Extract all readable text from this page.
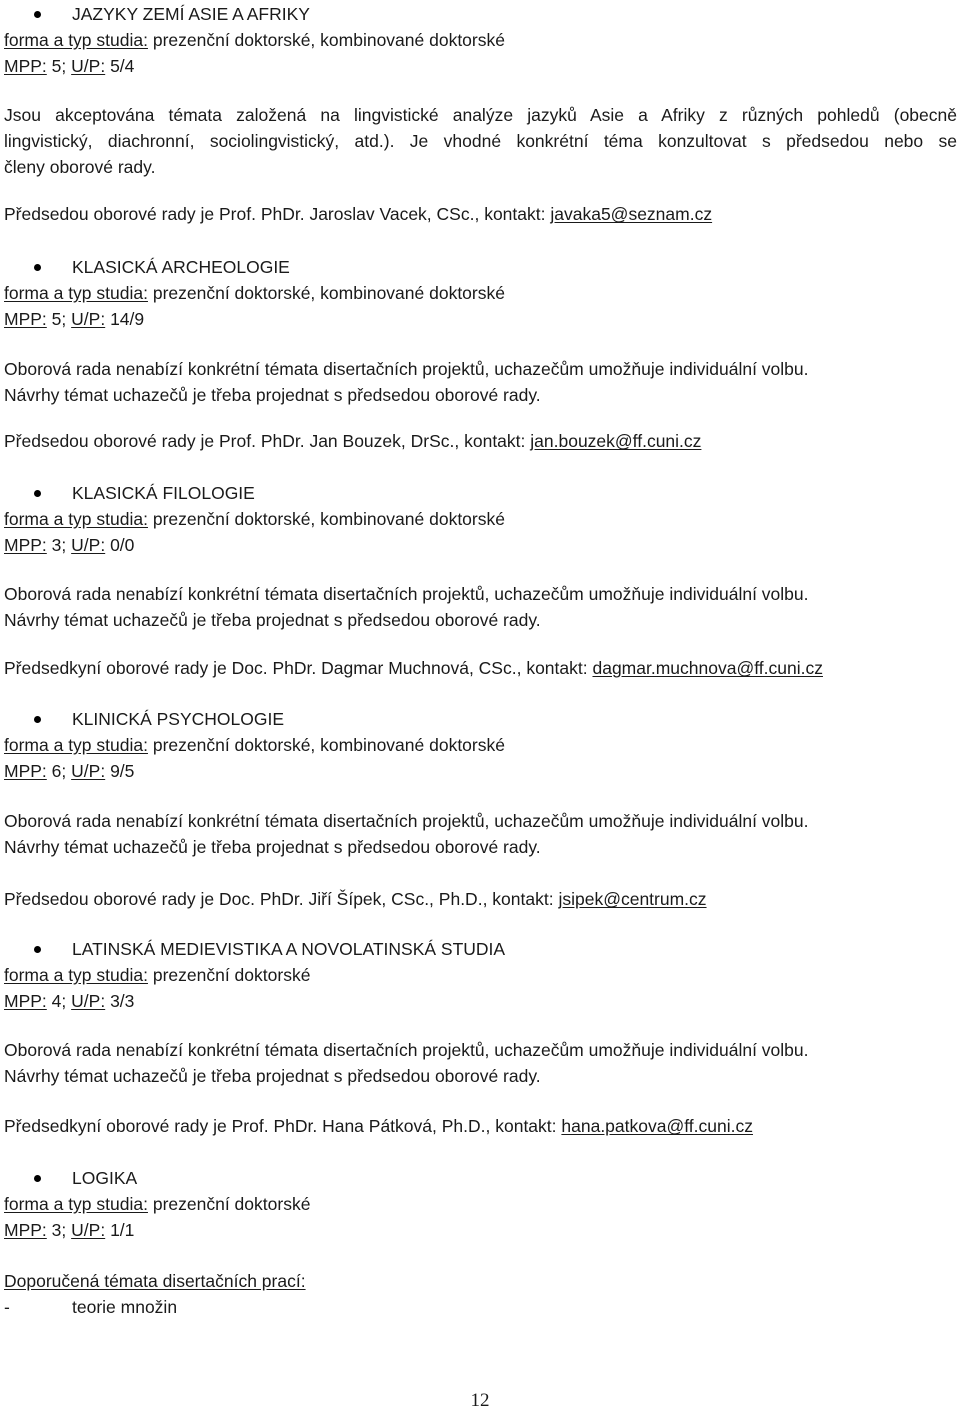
JAZYKY ZEMÍ ASIE A AFRIKY
forma a typ studia: prezenční doktorské, kombinované doktorské
MPP: 5; U/P: 5/4
Jsou akceptována témata založená na lingvistické analýze jazyků Asie a Afriky z různých pohledů (obecně
lingvistický, diachronní, sociolingvistický, atd.). Je vhodné konkrétní téma konzultovat s předsedou nebo se
členy oborové rady.
Předsedou oborové rady je Prof. PhDr. Jaroslav Vacek, CSc., kontakt: javaka5@seznam.cz
KLASICKÁ ARCHEOLOGIE
forma a typ studia: prezenční doktorské, kombinované doktorské
MPP: 5; U/P: 14/9
Oborová rada nenabízí konkrétní témata disertačních projektů, uchazečům umožňuje individuální volbu.
Návrhy témat uchazečů je třeba projednat s předsedou oborové rady.
Předsedou oborové rady je Prof. PhDr. Jan Bouzek, DrSc., kontakt: jan.bouzek@ff.cuni.cz
KLASICKÁ FILOLOGIE
forma a typ studia: prezenční doktorské, kombinované doktorské
MPP: 3; U/P: 0/0
Oborová rada nenabízí konkrétní témata disertačních projektů, uchazečům umožňuje individuální volbu.
Návrhy témat uchazečů je třeba projednat s předsedou oborové rady.
Předsedkyní oborové rady je Doc. PhDr. Dagmar Muchnová, CSc., kontakt: dagmar.muchnova@ff.cuni.cz
KLINICKÁ PSYCHOLOGIE
forma a typ studia: prezenční doktorské, kombinované doktorské
MPP: 6; U/P: 9/5
Oborová rada nenabízí konkrétní témata disertačních projektů, uchazečům umožňuje individuální volbu.
Návrhy témat uchazečů je třeba projednat s předsedou oborové rady.
Předsedou oborové rady je Doc. PhDr. Jiří Šípek, CSc., Ph.D., kontakt: jsipek@centrum.cz
LATINSKÁ MEDIEVISTIKA A NOVOLATINSKÁ STUDIA
forma a typ studia: prezenční doktorské
MPP: 4; U/P: 3/3
Oborová rada nenabízí konkrétní témata disertačních projektů, uchazečům umožňuje individuální volbu.
Návrhy témat uchazečů je třeba projednat s předsedou oborové rady.
Předsedkyní oborové rady je Prof. PhDr. Hana Pátková, Ph.D., kontakt: hana.patkova@ff.cuni.cz
LOGIKA
forma a typ studia: prezenční doktorské
MPP: 3; U/P: 1/1
Doporučená témata disertačních prací:
-	teorie množin
12
